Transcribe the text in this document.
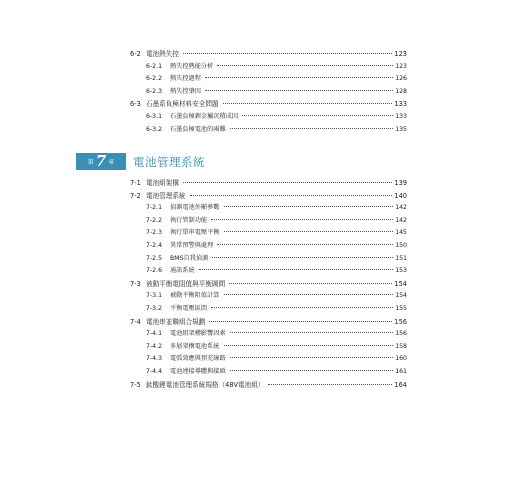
6-2 電池熱失控	123
6-2.1	熱失控熱能分析	123
6-2.2	熱失控過程	126
6-2.3	熱失控肇因	128
6-3 石墨系負極材料安全問題	133
6-3.1	石墨負極鋰金屬沉積成因	133
6-3.2	石墨負極電池的兩難	135
第 7 章 電池管理系統
7-1 電池組架構	139
7-2 電池管理系統	140
7-2.1	偵測電池外顯參數	142
7-2.2	執行管制功能	142
7-2.3	執行單串電壓平衡	145
7-2.4	異常預警與處理	150
7-2.5	BMS自我偵測	151
7-2.6	通訊系統	153
7-3 被動平衡電阻值與平衡圖間	154
7-3.1	被動平衡阻值計算	154
7-3.2	平衡電壓區間	155
7-4 電池串並聯組合規劃	156
7-4.1	電池組架構影響因素	156
7-4.2	多層架構電池系統	158
7-4.3	電弧效應與預充線路	160
7-4.4	電池連接導體與接頭	161
7-5 鈦酸鋰電池管理系統規格（48V電池組）	164
